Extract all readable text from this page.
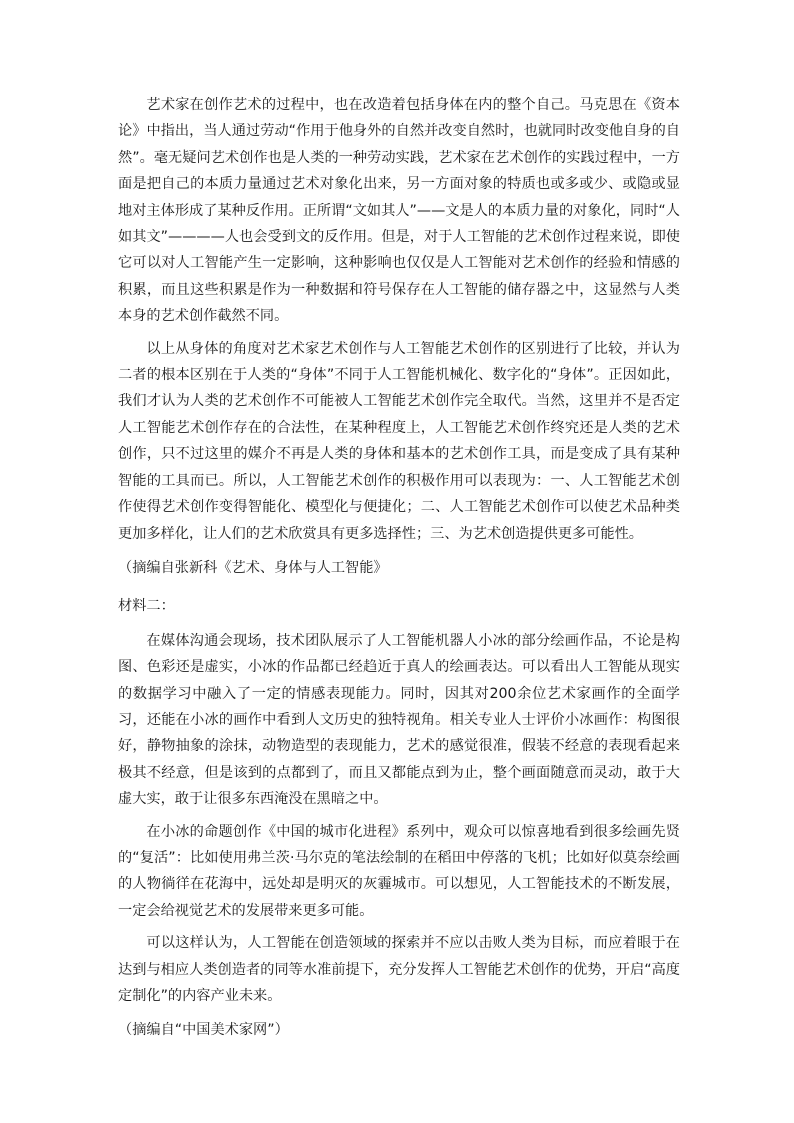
艺术家在创作艺术的过程中，也在改造着包括身体在内的整个自己。马克思在《资本论》中指出，当人通过劳动“作用于他身外的自然并改变自然时，也就同时改变他自身的自然”。毫无疑问艺术创作也是人类的一种劳动实践，艺术家在艺术创作的实践过程中，一方面是把自己的本质力量通过艺术对象化出来，另一方面对象的特质也或多或少、或隐或显地对主体形成了某种反作用。正所谓“文如其人”——文是人的本质力量的对象化，同时“人如其文”————人也会受到文的反作用。但是，对于人工智能的艺术创作过程来说，即使它可以对人工智能产生一定影响，这种影响也仅仅是人工智能对艺术创作的经验和情感的积累，而且这些积累是作为一种数据和符号保存在人工智能的储存器之中，这显然与人类本身的艺术创作截然不同。

以上从身体的角度对艺术家艺术创作与人工智能艺术创作的区别进行了比较，并认为二者的根本区别在于人类的“身体”不同于人工智能机械化、数字化的“身体”。正因如此，我们才认为人类的艺术创作不可能被人工智能艺术创作完全取代。当然，这里并不是否定人工智能艺术创作存在的合法性，在某种程度上，人工智能艺术创作终究还是人类的艺术创作，只不过这里的媒介不再是人类的身体和基本的艺术创作工具，而是变成了具有某种智能的工具而已。所以，人工智能艺术创作的积极作用可以表现为：一、人工智能艺术创作使得艺术创作变得智能化、模型化与便捷化；二、人工智能艺术创作可以使艺术品种类更加多样化，让人们的艺术欣赏具有更多选择性；三、为艺术创造提供更多可能性。

（摘编自张新科《艺术、身体与人工智能》

材料二：

在媒体沟通会现场，技术团队展示了人工智能机器人小冰的部分绘画作品，不论是构图、色彩还是虚实，小冰的作品都已经趋近于真人的绘画表达。可以看出人工智能从现实的数据学习中融入了一定的情感表现能力。同时，因其对200余位艺术家画作的全面学习，还能在小冰的画作中看到人文历史的独特视角。相关专业人士评价小冰画作：构图很好，静物抽象的涂抹，动物造型的表现能力，艺术的感觉很准，假装不经意的表现看起来极其不经意，但是该到的点都到了，而且又都能点到为止，整个画面随意而灵动，敢于大虚大实，敢于让很多东西淹没在黑暗之中。

在小冰的命题创作《中国的城市化进程》系列中，观众可以惊喜地看到很多绘画先贤的“复活”：比如使用弗兰茨·马尔克的笔法绘制的在稻田中停落的飞机；比如好似莫奈绘画的人物徜徉在花海中，远处却是明灭的灰霾城市。可以想见，人工智能技术的不断发展，一定会给视觉艺术的发展带来更多可能。

可以这样认为，人工智能在创造领域的探索并不应以击败人类为目标，而应着眼于在达到与相应人类创造者的同等水准前提下，充分发挥人工智能艺术创作的优势，开启“高度定制化”的内容产业未来。

（摘编自“中国美术家网”）
